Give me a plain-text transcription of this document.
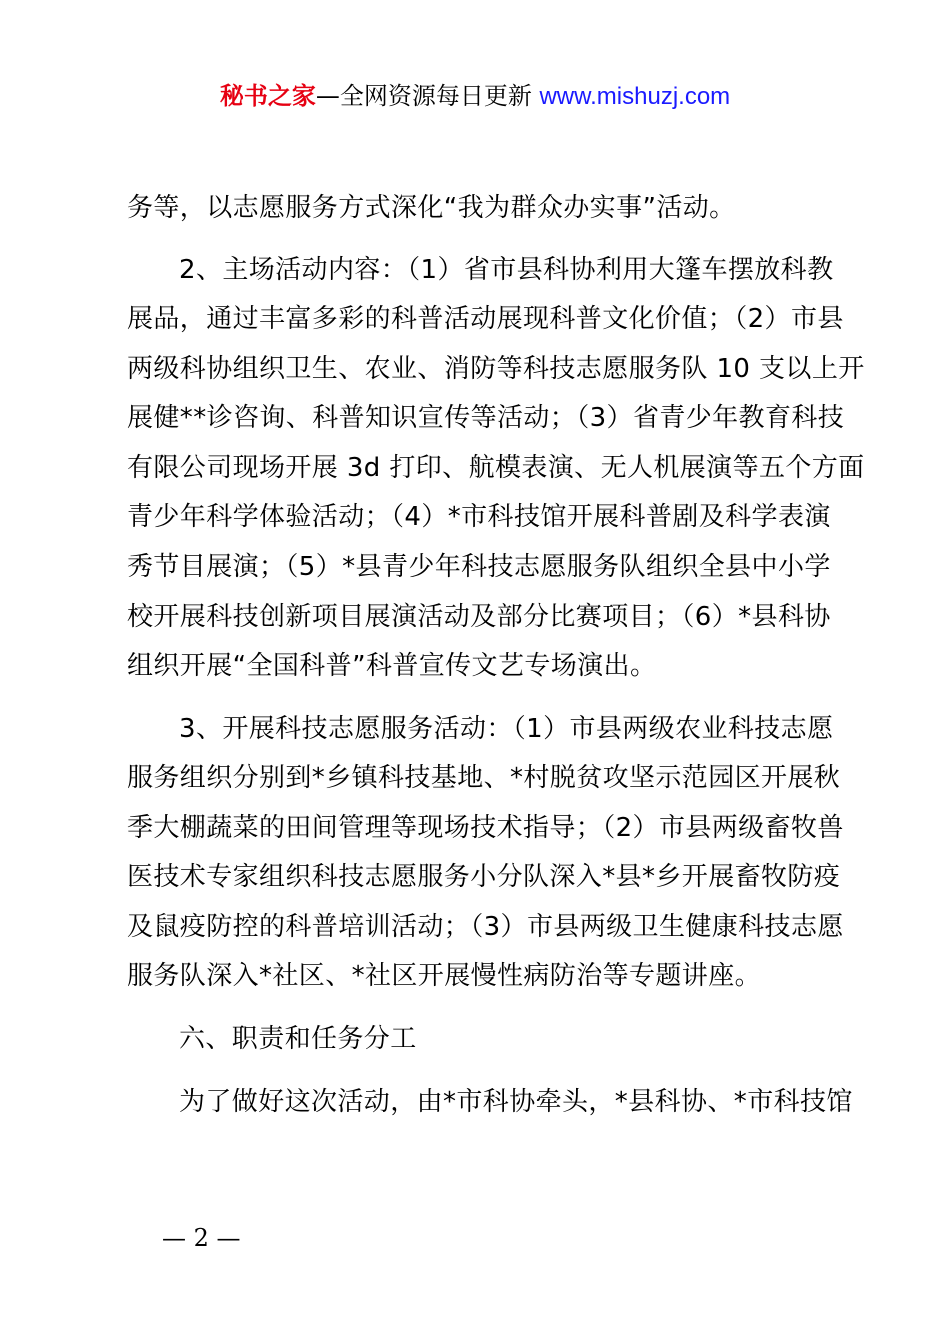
秘书之家—全网资源每日更新 www.mishuzj.com
务等，以志愿服务方式深化“我为群众办实事”活动。
2、主场活动内容：（1）省市县科协利用大篷车摆放科教
展品，通过丰富多彩的科普活动展现科普文化价值；（2）市县
两级科协组织卫生、农业、消防等科技志愿服务队 10 支以上开
展健**诊咨询、科普知识宣传等活动；（3）省青少年教育科技
有限公司现场开展 3d 打印、航模表演、无人机展演等五个方面
青少年科学体验活动；（4）*市科技馆开展科普剧及科学表演
秀节目展演；（5）*县青少年科技志愿服务队组织全县中小学
校开展科技创新项目展演活动及部分比赛项目；（6）*县科协
组织开展“全国科普”科普宣传文艺专场演出。
3、开展科技志愿服务活动：（1）市县两级农业科技志愿
服务组织分别到*乡镇科技基地、*村脱贫攻坚示范园区开展秋
季大棚蔬菜的田间管理等现场技术指导；（2）市县两级畜牧兽
医技术专家组织科技志愿服务小分队深入*县*乡开展畜牧防疫
及鼠疫防控的科普培训活动；（3）市县两级卫生健康科技志愿
服务队深入*社区、*社区开展慢性病防治等专题讲座。
六、职责和任务分工
为了做好这次活动，由*市科协牵头，*县科协、*市科技馆
— 2 —
